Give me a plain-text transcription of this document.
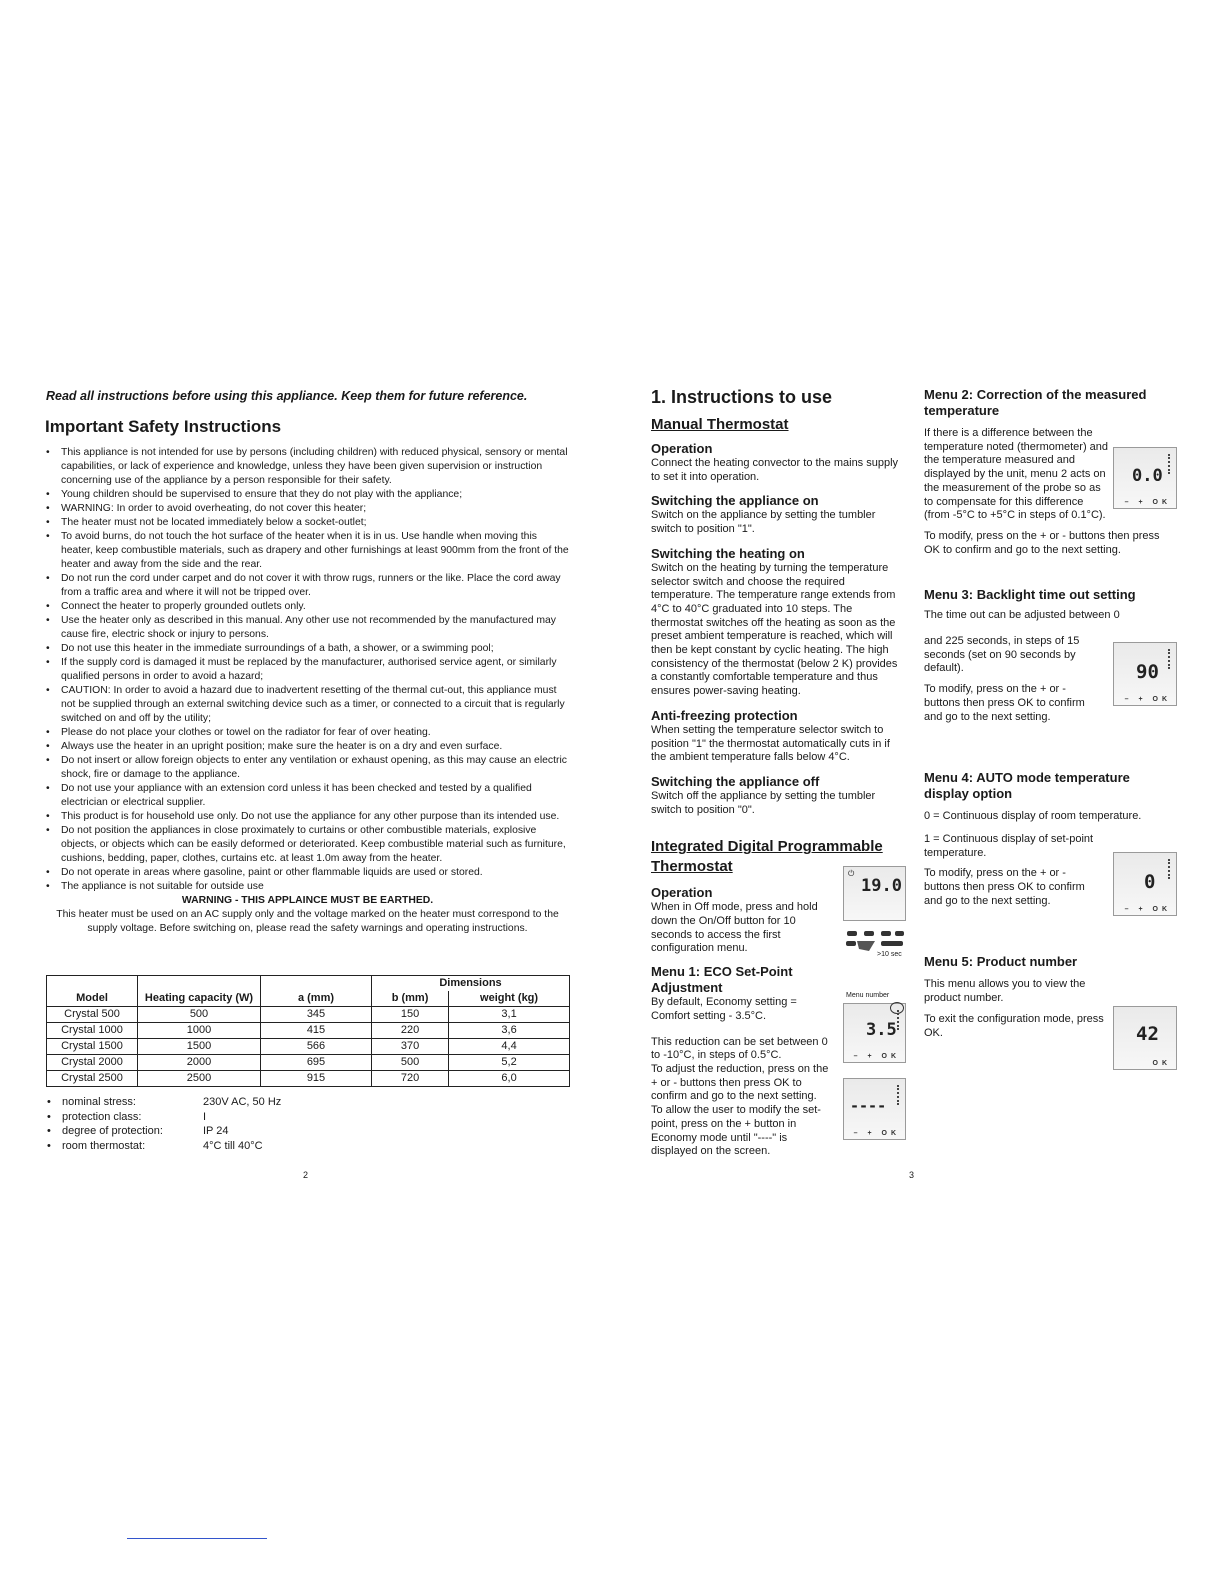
Read all instructions before using this appliance. Keep them for future reference.
Important Safety Instructions
• This appliance is not intended for use by persons (including children) with reduced physical, sensory or mental capabilities, or lack of experience and knowledge, unless they have been given supervision or instruction concerning use of the appliance by a person responsible for their safety.
• Young children should be supervised to ensure that they do not play with the appliance;
• WARNING: In order to avoid overheating, do not cover this heater;
• The heater must not be located immediately below a socket-outlet;
• To avoid burns, do not touch the hot surface of the heater when it is in us. Use handle when moving this heater, keep combustible materials, such as drapery and other furnishings at least 900mm from the front of the heater and away from the side and the rear.
• Do not run the cord under carpet and do not cover it with throw rugs, runners or the like. Place the cord away from a traffic area and where it will not be tripped over.
• Connect the heater to properly grounded outlets only.
• Use the heater only as described in this manual. Any other use not recommended by the manufactured may cause fire, electric shock or injury to persons.
• Do not use this heater in the immediate surroundings of a bath, a shower, or a swimming pool;
• If the supply cord is damaged it must be replaced by the manufacturer, authorised service agent, or similarly qualified persons in order to avoid a hazard;
• CAUTION: In order to avoid a hazard due to inadvertent resetting of the thermal cut-out, this appliance must not be supplied through an external switching device such as a timer, or connected to a circuit that is regularly switched on and off by the utility;
• Please do not place your clothes or towel on the radiator for fear of over heating.
• Always use the heater in an upright position; make sure the heater is on a dry and even surface.
• Do not insert or allow foreign objects to enter any ventilation or exhaust opening, as this may cause an electric shock, fire or damage to the appliance.
• Do not use your appliance with an extension cord unless it has been checked and tested by a qualified electrician or electrical supplier.
• This product is for household use only. Do not use the appliance for any other purpose than its intended use.
• Do not position the appliances in close proximately to curtains or other combustible materials, explosive objects, or objects which can be easily deformed or deteriorated. Keep combustible material such as furniture, cushions, bedding, paper, clothes, curtains etc. at least 1.0m away from the heater.
• Do not operate in areas where gasoline, paint or other flammable liquids are used or stored.
• The appliance is not suitable for outside use
WARNING - THIS APPLAINCE MUST BE EARTHED.
This heater must be used on an AC supply only and the voltage marked on the heater must correspond to the supply voltage. Before switching on, please read the safety warnings and operating instructions.
Model	Heating capacity (W)	a (mm)	Dimensions	
			b (mm)	weight (kg)
Crystal 500	500	345	150	3,1
Crystal 1000	1000	415	220	3,6
Crystal 1500	1500	566	370	4,4
Crystal 2000	2000	695	500	5,2
Crystal 2500	2500	915	720	6,0
• nominal stress:	230V AC, 50 Hz
• protection class:	I
• degree of protection:	IP 24
• room thermostat:	4°C till 40°C
2
1. Instructions to use
Manual Thermostat
Operation

Connect the heating convector to the mains supply to set it into operation.

Switching the appliance on

Switch on the appliance by setting the tumbler switch to position "1".

Switching the heating on

Switch on the heating by turning the temperature selector switch and choose the required temperature. The temperature range extends from 4°C to 40°C graduated into 10 steps. The thermostat switches off the heating as soon as the preset ambient temperature is reached, which will then be kept constant by cyclic heating. The high consistency of the thermostat (below 2 K) provides a constantly comfortable temperature and thus ensures power-saving heating.

Anti-freezing protection

When setting the temperature selector switch to position "1" the thermostat automatically cuts in if the ambient temperature falls below 4°C.

Switching the appliance off

Switch off the appliance by setting the tumbler switch to position "0".

Integrated Digital Programmable Thermostat
Operation

When in Off mode, press and hold down the On/Off button for 10 seconds to access the first configuration menu.

Menu 1: ECO Set-Point Adjustment

By default, Economy setting = Comfort setting - 3.5°C.

This reduction can be set between 0 to -10°C, in steps of 0.5°C.

To adjust the reduction, press on the + or - buttons then press OK to confirm and go to the next setting.

To allow the user to modify the set-point, press on the + button in Economy mode until "----" is displayed on the screen.

⏻
19.0
>10 sec
Menu number
3.5
– + OK
----
– + OK
Menu 2: Correction of the measured temperature

If there is a difference between the temperature noted (thermometer) and the temperature measured and displayed by the unit, menu 2 acts on the measurement of the probe so as to compensate for this difference (from -5°C to +5°C in steps of 0.1°C).

To modify, press on the + or - buttons then press OK to confirm and go to the next setting.

Menu 3: Backlight time out setting

The time out can be adjusted between 0

and 225 seconds, in steps of 15 seconds (set on 90 seconds by default).

To modify, press on the + or - buttons then press OK to confirm and go to the next setting.

Menu 4: AUTO mode temperature display option

0 = Continuous display of room temperature.

1 = Continuous display of set-point temperature.

To modify, press on the + or - buttons then press OK to confirm and go to the next setting.

Menu 5: Product number

This menu allows you to view the product number.

To exit the configuration mode, press OK.

0.0
– + OK
90
– + OK
0
– + OK
42
OK
3
